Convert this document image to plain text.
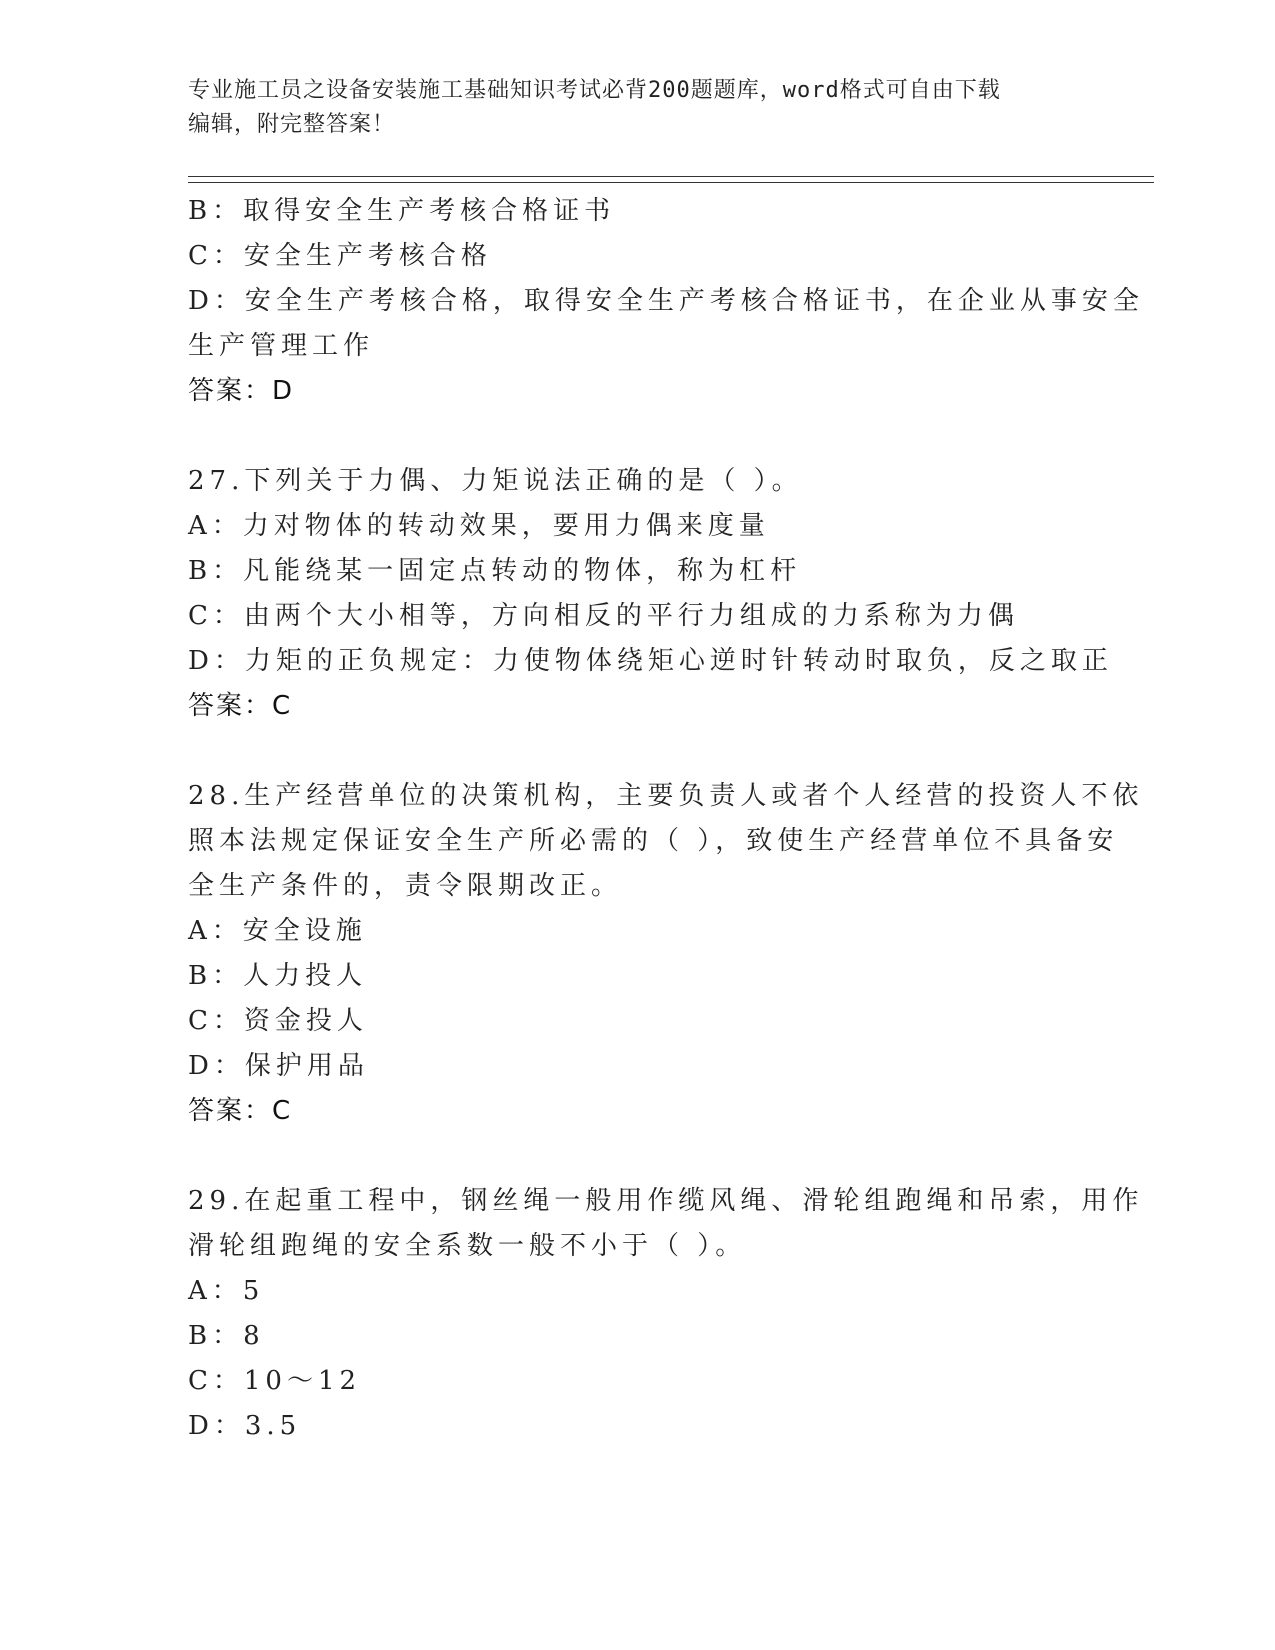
专业施工员之设备安装施工基础知识考试必背200题题库，word格式可自由下载
编辑，附完整答案！
B：取得安全生产考核合格证书
C：安全生产考核合格
D：安全生产考核合格，取得安全生产考核合格证书，在企业从事安全
生产管理工作
答案：D
27.下列关于力偶、力矩说法正确的是（ ）。
A：力对物体的转动效果，要用力偶来度量
B：凡能绕某一固定点转动的物体，称为杠杆
C：由两个大小相等，方向相反的平行力组成的力系称为力偶
D：力矩的正负规定：力使物体绕矩心逆时针转动时取负，反之取正
答案：C
28.生产经营单位的决策机构，主要负责人或者个人经营的投资人不依
照本法规定保证安全生产所必需的（ ），致使生产经营单位不具备安
全生产条件的，责令限期改正。
A：安全设施
B：人力投人
C：资金投人
D：保护用品
答案：C
29.在起重工程中，钢丝绳一般用作缆风绳、滑轮组跑绳和吊索，用作
滑轮组跑绳的安全系数一般不小于（ ）。
A：5
B：8
C：10～12
D：3.5
